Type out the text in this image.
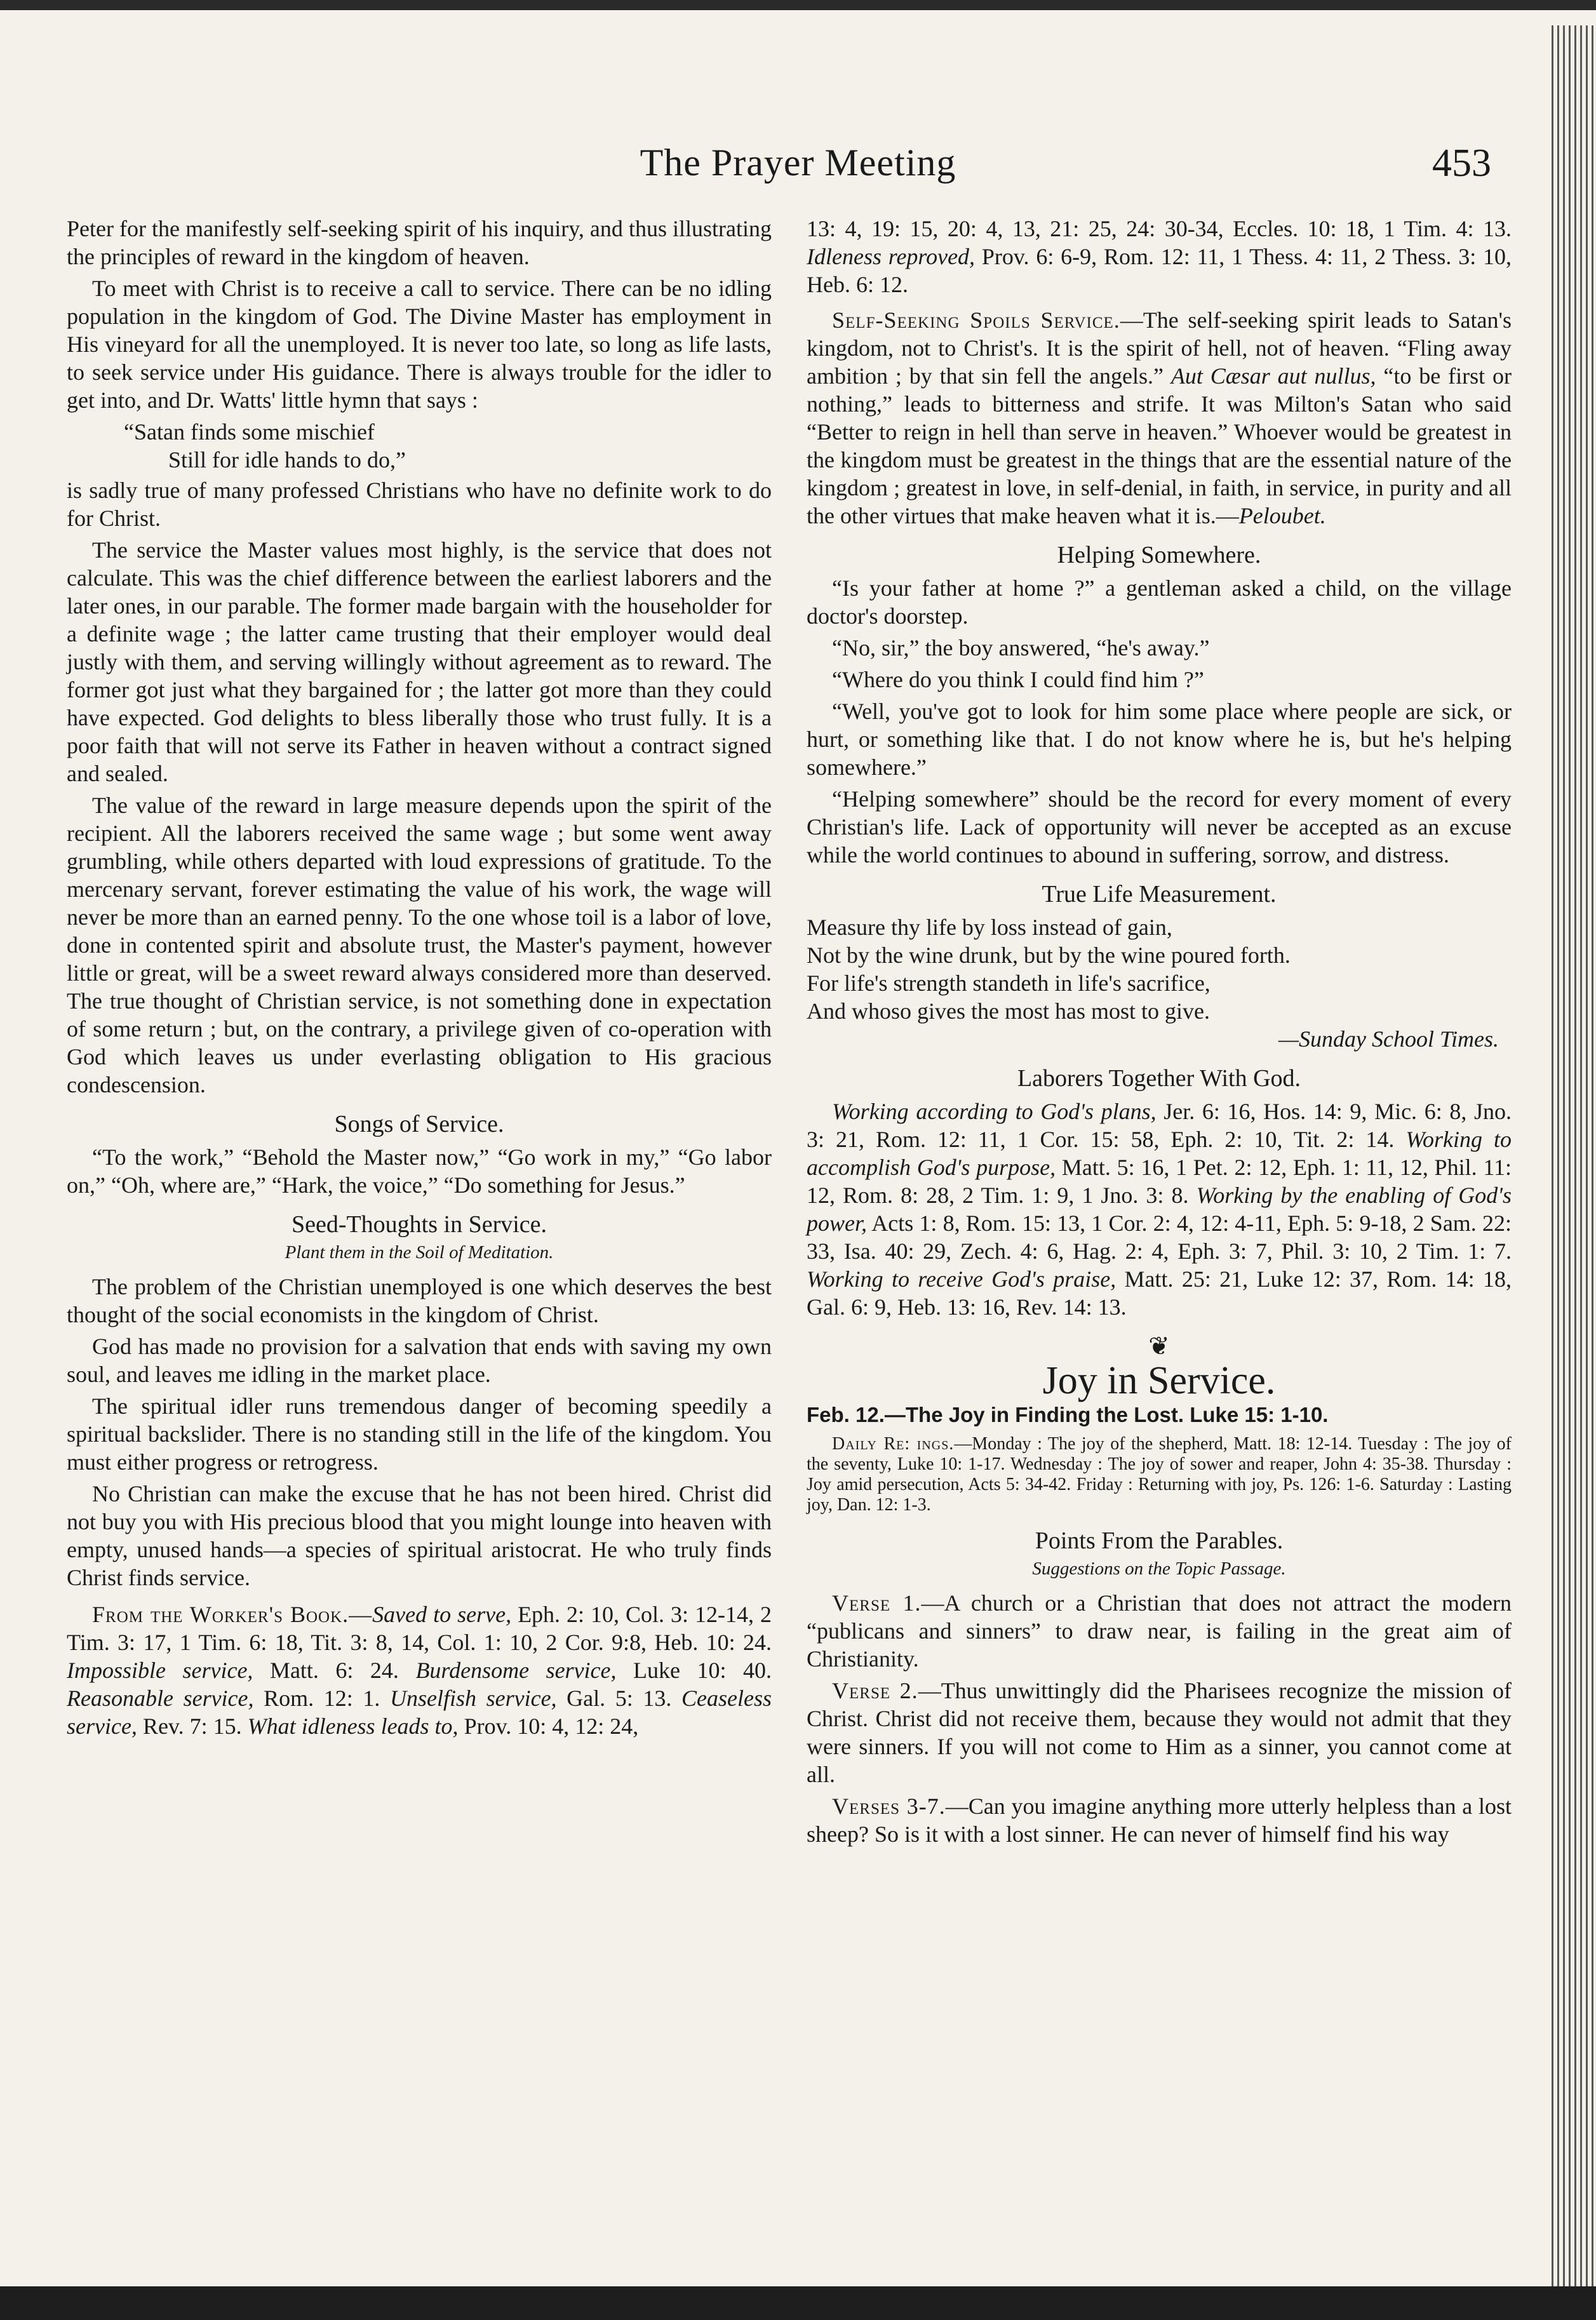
The Prayer Meeting	453

Peter for the manifestly self-seeking spirit of his inquiry, and thus illustrating the principles of reward in the kingdom of heaven.

To meet with Christ is to receive a call to service. There can be no idling population in the kingdom of God. The Divine Master has employment in His vineyard for all the unemployed. It is never too late, so long as life lasts, to seek service under His guidance. There is always trouble for the idler to get into, and Dr. Watts' little hymn that says :

“Satan finds some mischief
Still for idle hands to do,”

is sadly true of many professed Christians who have no definite work to do for Christ.

The service the Master values most highly, is the service that does not calculate. This was the chief difference between the earliest laborers and the later ones, in our parable. The former made bargain with the householder for a definite wage ; the latter came trusting that their employer would deal justly with them, and serving willingly without agreement as to reward. The former got just what they bargained for ; the latter got more than they could have expected. God delights to bless liberally those who trust fully. It is a poor faith that will not serve its Father in heaven without a contract signed and sealed.

The value of the reward in large measure depends upon the spirit of the recipient. All the laborers received the same wage ; but some went away grumbling, while others departed with loud expressions of gratitude. To the mercenary servant, forever estimating the value of his work, the wage will never be more than an earned penny. To the one whose toil is a labor of love, done in contented spirit and absolute trust, the Master's payment, however little or great, will be a sweet reward always considered more than deserved. The true thought of Christian service, is not something done in expectation of some return ; but, on the contrary, a privilege given of co-operation with God which leaves us under everlasting obligation to His gracious condescension.

Songs of Service.

“To the work,” “Behold the Master now,” “Go work in my,” “Go labor on,” “Oh, where are,” “Hark, the voice,” “Do something for Jesus.”

Seed-Thoughts in Service.
Plant them in the Soil of Meditation.

The problem of the Christian unemployed is one which deserves the best thought of the social economists in the kingdom of Christ.

God has made no provision for a salvation that ends with saving my own soul, and leaves me idling in the market place.

The spiritual idler runs tremendous danger of becoming speedily a spiritual backslider. There is no standing still in the life of the kingdom. You must either progress or retrogress.

No Christian can make the excuse that he has not been hired. Christ did not buy you with His precious blood that you might lounge into heaven with empty, unused hands—a species of spiritual aristocrat. He who truly finds Christ finds service.

From the Worker's Book.—Saved to serve, Eph. 2: 10, Col. 3: 12-14, 2 Tim. 3: 17, 1 Tim. 6: 18, Tit. 3: 8, 14, Col. 1: 10, 2 Cor. 9:8, Heb. 10: 24. Impossible service, Matt. 6: 24. Burdensome service, Luke 10: 40. Reasonable service, Rom. 12: 1. Unselfish service, Gal. 5: 13. Ceaseless service, Rev. 7: 15. What idleness leads to, Prov. 10: 4, 12: 24,

13: 4, 19: 15, 20: 4, 13, 21: 25, 24: 30-34, Eccles. 10: 18, 1 Tim. 4: 13. Idleness reproved, Prov. 6: 6-9, Rom. 12: 11, 1 Thess. 4: 11, 2 Thess. 3: 10, Heb. 6: 12.

Self-Seeking Spoils Service.—The self-seeking spirit leads to Satan's kingdom, not to Christ's. It is the spirit of hell, not of heaven. “Fling away ambition ; by that sin fell the angels.” Aut Cæsar aut nullus, “to be first or nothing,” leads to bitterness and strife. It was Milton's Satan who said “Better to reign in hell than serve in heaven.” Whoever would be greatest in the kingdom must be greatest in the things that are the essential nature of the kingdom ; greatest in love, in self-denial, in faith, in service, in purity and all the other virtues that make heaven what it is.—Peloubet.

Helping Somewhere.

“Is your father at home ?” a gentleman asked a child, on the village doctor's doorstep.

“No, sir,” the boy answered, “he's away.”

“Where do you think I could find him ?”

“Well, you've got to look for him some place where people are sick, or hurt, or something like that. I do not know where he is, but he's helping somewhere.”

“Helping somewhere” should be the record for every moment of every Christian's life. Lack of opportunity will never be accepted as an excuse while the world continues to abound in suffering, sorrow, and distress.

True Life Measurement.
Measure thy life by loss instead of gain,
Not by the wine drunk, but by the wine poured forth.
For life's strength standeth in life's sacrifice,
And whoso gives the most has most to give.
—Sunday School Times.
Laborers Together With God.

Working according to God's plans, Jer. 6: 16, Hos. 14: 9, Mic. 6: 8, Jno. 3: 21, Rom. 12: 11, 1 Cor. 15: 58, Eph. 2: 10, Tit. 2: 14. Working to accomplish God's purpose, Matt. 5: 16, 1 Pet. 2: 12, Eph. 1: 11, 12, Phil. 11: 12, Rom. 8: 28, 2 Tim. 1: 9, 1 Jno. 3: 8. Working by the enabling of God's power, Acts 1: 8, Rom. 15: 13, 1 Cor. 2: 4, 12: 4-11, Eph. 5: 9-18, 2 Sam. 22: 33, Isa. 40: 29, Zech. 4: 6, Hag. 2: 4, Eph. 3: 7, Phil. 3: 10, 2 Tim. 1: 7. Working to receive God's praise, Matt. 25: 21, Luke 12: 37, Rom. 14: 18, Gal. 6: 9, Heb. 13: 16, Rev. 14: 13.

❦
Joy in Service.

Feb. 12.—The Joy in Finding the Lost. Luke 15: 1-10.

Daily Re: ings.—Monday : The joy of the shepherd, Matt. 18: 12-14. Tuesday : The joy of the seventy, Luke 10: 1-17. Wednesday : The joy of sower and reaper, John 4: 35-38. Thursday : Joy amid persecution, Acts 5: 34-42. Friday : Returning with joy, Ps. 126: 1-6. Saturday : Lasting joy, Dan. 12: 1-3.

Points From the Parables.
Suggestions on the Topic Passage.

Verse 1.—A church or a Christian that does not attract the modern “publicans and sinners” to draw near, is failing in the great aim of Christianity.

Verse 2.—Thus unwittingly did the Pharisees recognize the mission of Christ. Christ did not receive them, because they would not admit that they were sinners. If you will not come to Him as a sinner, you cannot come at all.

Verses 3-7.—Can you imagine anything more utterly helpless than a lost sheep? So is it with a lost sinner. He can never of himself find his way
